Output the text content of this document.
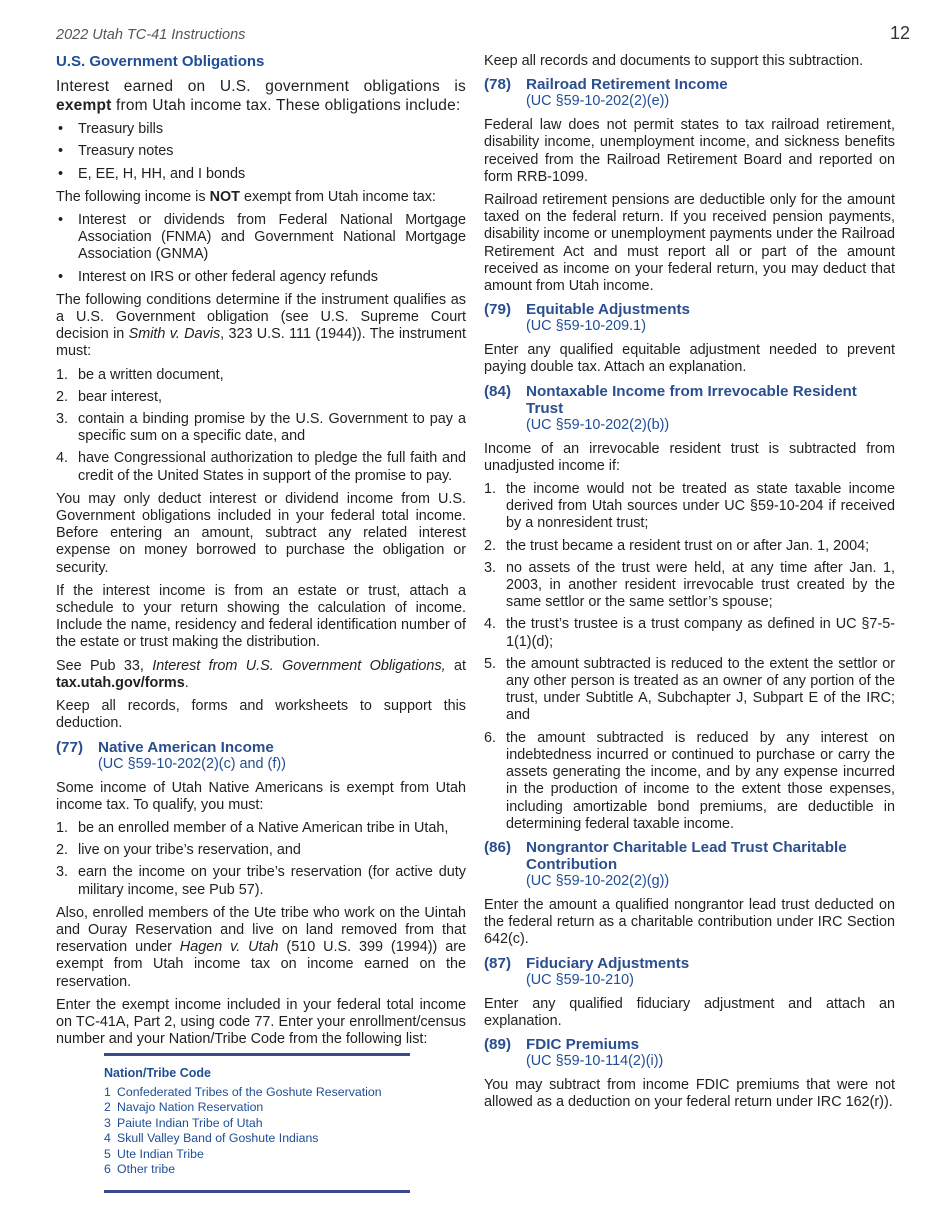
2022 Utah TC-41 Instructions	12
U.S. Government Obligations

Interest earned on U.S. government obligations is exempt from Utah income tax. These obligations include:

• Treasury bills
• Treasury notes
• E, EE, H, HH, and I bonds

The following income is NOT exempt from Utah income tax:

• Interest or dividends from Federal National Mortgage Association (FNMA) and Government National Mortgage Association (GNMA)
• Interest on IRS or other federal agency refunds

The following conditions determine if the instrument qualifies as a U.S. Government obligation (see U.S. Supreme Court decision in Smith v. Davis, 323 U.S. 111 (1944)). The instrument must:

1. be a written document,
2. bear interest,
3. contain a binding promise by the U.S. Government to pay a specific sum on a specific date, and
4. have Congressional authorization to pledge the full faith and credit of the United States in support of the promise to pay.

You may only deduct interest or dividend income from U.S. Government obligations included in your federal total income. Before entering an amount, subtract any related interest expense on money borrowed to purchase the obligation or security.

If the interest income is from an estate or trust, attach a schedule to your return showing the calculation of income. Include the name, residency and federal identification number of the estate or trust making the distribution.

See Pub 33, Interest from U.S. Government Obligations, at tax.utah.gov/forms.

Keep all records, forms and worksheets to support this deduction.

(77) Native American Income
(UC §59-10-202(2)(c) and (f))

Some income of Utah Native Americans is exempt from Utah income tax. To qualify, you must:

1. be an enrolled member of a Native American tribe in Utah,
2. live on your tribe’s reservation, and
3. earn the income on your tribe’s reservation (for active duty military income, see Pub 57).

Also, enrolled members of the Ute tribe who work on the Uintah and Ouray Reservation and live on land removed from that reservation under Hagen v. Utah (510 U.S. 399 (1994)) are exempt from Utah income tax on income earned on the reservation.

Enter the exempt income included in your federal total income on TC-41A, Part 2, using code 77. Enter your enrollment/census number and your Nation/Tribe Code from the following list:

Nation/Tribe Code
1 Confederated Tribes of the Goshute Reservation
2 Navajo Nation Reservation
3 Paiute Indian Tribe of Utah
4 Skull Valley Band of Goshute Indians
5 Ute Indian Tribe
6 Other tribe

Keep all records and documents to support this subtraction.

(78) Railroad Retirement Income
(UC §59-10-202(2)(e))

Federal law does not permit states to tax railroad retirement, disability income, unemployment income, and sickness benefits received from the Railroad Retirement Board and reported on form RRB-1099.

Railroad retirement pensions are deductible only for the amount taxed on the federal return. If you received pension payments, disability income or unemployment payments under the Railroad Retirement Act and must report all or part of the amount received as income on your federal return, you may deduct that amount from Utah income.

(79) Equitable Adjustments
(UC §59-10-209.1)

Enter any qualified equitable adjustment needed to prevent paying double tax. Attach an explanation.

(84) Nontaxable Income from Irrevocable Resident Trust
(UC §59-10-202(2)(b))

Income of an irrevocable resident trust is subtracted from unadjusted income if:

1. the income would not be treated as state taxable income derived from Utah sources under UC §59-10-204 if received by a nonresident trust;
2. the trust became a resident trust on or after Jan. 1, 2004;
3. no assets of the trust were held, at any time after Jan. 1, 2003, in another resident irrevocable trust created by the same settlor or the same settlor’s spouse;
4. the trust’s trustee is a trust company as defined in UC §7-5-1(1)(d);
5. the amount subtracted is reduced to the extent the settlor or any other person is treated as an owner of any portion of the trust, under Subtitle A, Subchapter J, Subpart E of the IRC; and
6. the amount subtracted is reduced by any interest on indebtedness incurred or continued to purchase or carry the assets generating the income, and by any expense incurred in the production of income to the extent those expenses, including amortizable bond premiums, are deductible in determining federal taxable income.
(86) Nongrantor Charitable Lead Trust Charitable Contribution
(UC §59-10-202(2)(g))

Enter the amount a qualified nongrantor lead trust deducted on the federal return as a charitable contribution under IRC Section 642(c).

(87) Fiduciary Adjustments
(UC §59-10-210)

Enter any qualified fiduciary adjustment and attach an explanation.

(89) FDIC Premiums
(UC §59-10-114(2)(i))

You may subtract from income FDIC premiums that were not allowed as a deduction on your federal return under IRC 162(r)).
